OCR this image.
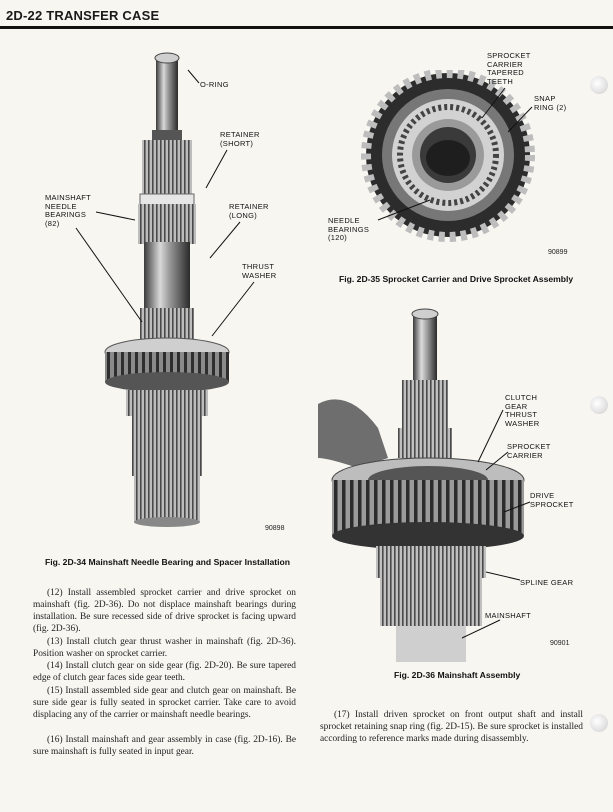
2D-22 TRANSFER CASE
O-RING
RETAINER
(SHORT)
MAINSHAFT
NEEDLE
BEARINGS
(82)
RETAINER
(LONG)
THRUST
WASHER
90898
Fig. 2D-34 Mainshaft Needle Bearing and Spacer Installation
SPROCKET
CARRIER
TAPERED
TEETH
SNAP
RING (2)
NEEDLE
BEARINGS
(120)
90899
Fig. 2D-35 Sprocket Carrier and Drive Sprocket Assembly
CLUTCH
GEAR
THRUST
WASHER
SPROCKET
CARRIER
DRIVE
SPROCKET
SPLINE GEAR
MAINSHAFT
90901
Fig. 2D-36 Mainshaft Assembly

(12) Install assembled sprocket carrier and drive sprocket on mainshaft (fig. 2D-36). Do not displace mainshaft bearings during installation. Be sure recessed side of drive sprocket is facing upward (fig. 2D-36).

(13) Install clutch gear thrust washer in mainshaft (fig. 2D-36). Position washer on sprocket carrier.

(14) Install clutch gear on side gear (fig. 2D-20). Be sure tapered edge of clutch gear faces side gear teeth.

(15) Install assembled side gear and clutch gear on mainshaft. Be sure side gear is fully seated in sprocket carrier. Take care to avoid displacing any of the carrier or mainshaft needle bearings.

(16) Install mainshaft and gear assembly in case (fig. 2D-16). Be sure mainshaft is fully seated in input gear.

(17) Install driven sprocket on front output shaft and install sprocket retaining snap ring (fig. 2D-15). Be sure sprocket is installed according to reference marks made during disassembly.
